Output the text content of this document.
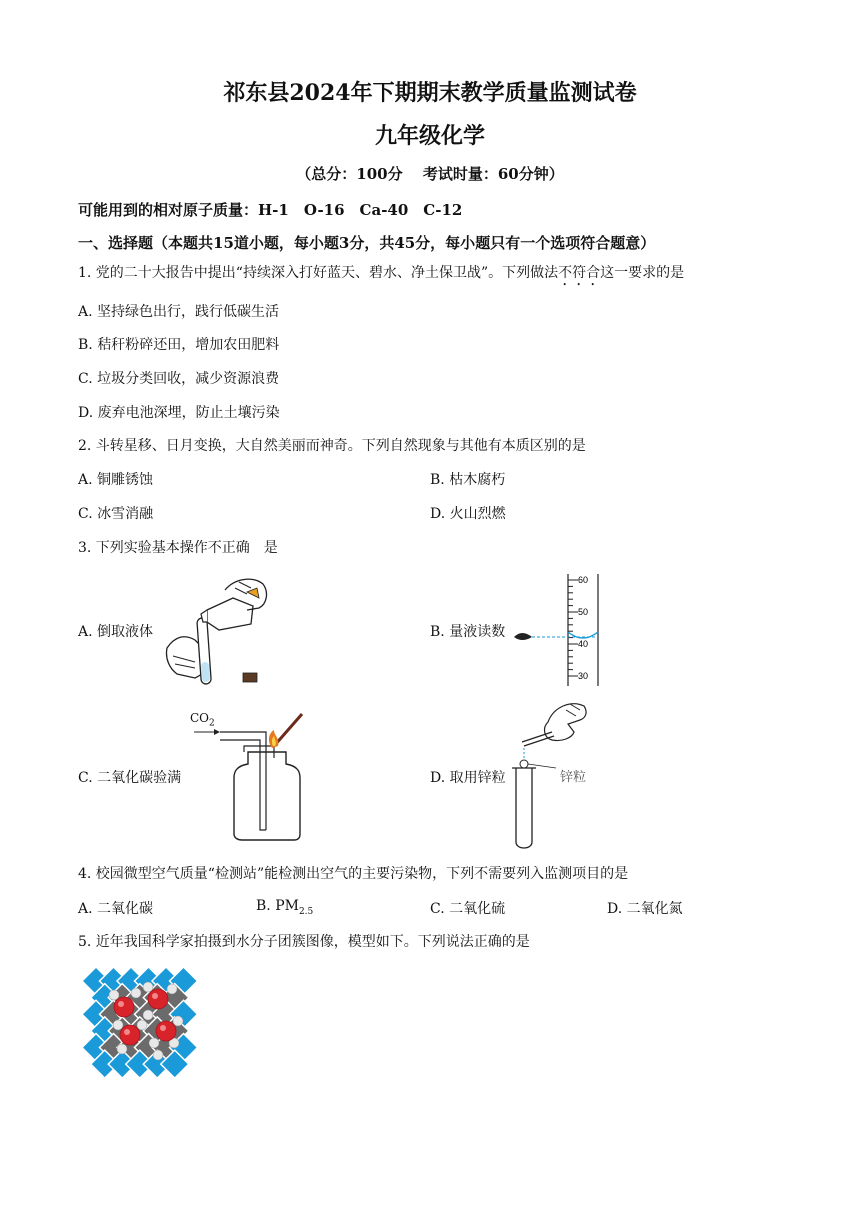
祁东县2024年下期期末教学质量监测试卷
九年级化学
（总分：100分　 考试时量：60分钟）
可能用到的相对原子质量：H-1　O-16　Ca-40　C-12
一、选择题（本题共15道小题，每小题3分，共45分，每小题只有一个选项符合题意）
1. 党的二十大报告中提出“持续深入打好蓝天、碧水、净土保卫战”。下列做法不符合这一要求的是
A. 坚持绿色出行，践行低碳生活
B. 秸秆粉碎还田，增加农田肥料
C. 垃圾分类回收，减少资源浪费
D. 废弃电池深埋，防止土壤污染
2. 斗转星移、日月变换，大自然美丽而神奇。下列自然现象与其他有本质区别的是
A. 铜雕锈蚀	B. 枯木腐朽
C. 冰雪消融	D. 火山烈燃
3. 下列实验基本操作不正确　是
A. 倒取液体	B. 量液读数
C. 二氧化碳验满	D. 取用锌粒
60
50
40
30
$CO_2$
锌粒
4. 校园微型空气质量“检测站”能检测出空气的主要污染物，下列不需要列入监测项目的是
A. 二氧化碳	B. $PM_{2.5}$	C. 二氧化硫	D. 二氧化氮
5. 近年我国科学家拍摄到水分子团簇图像，模型如下。下列说法正确的是
